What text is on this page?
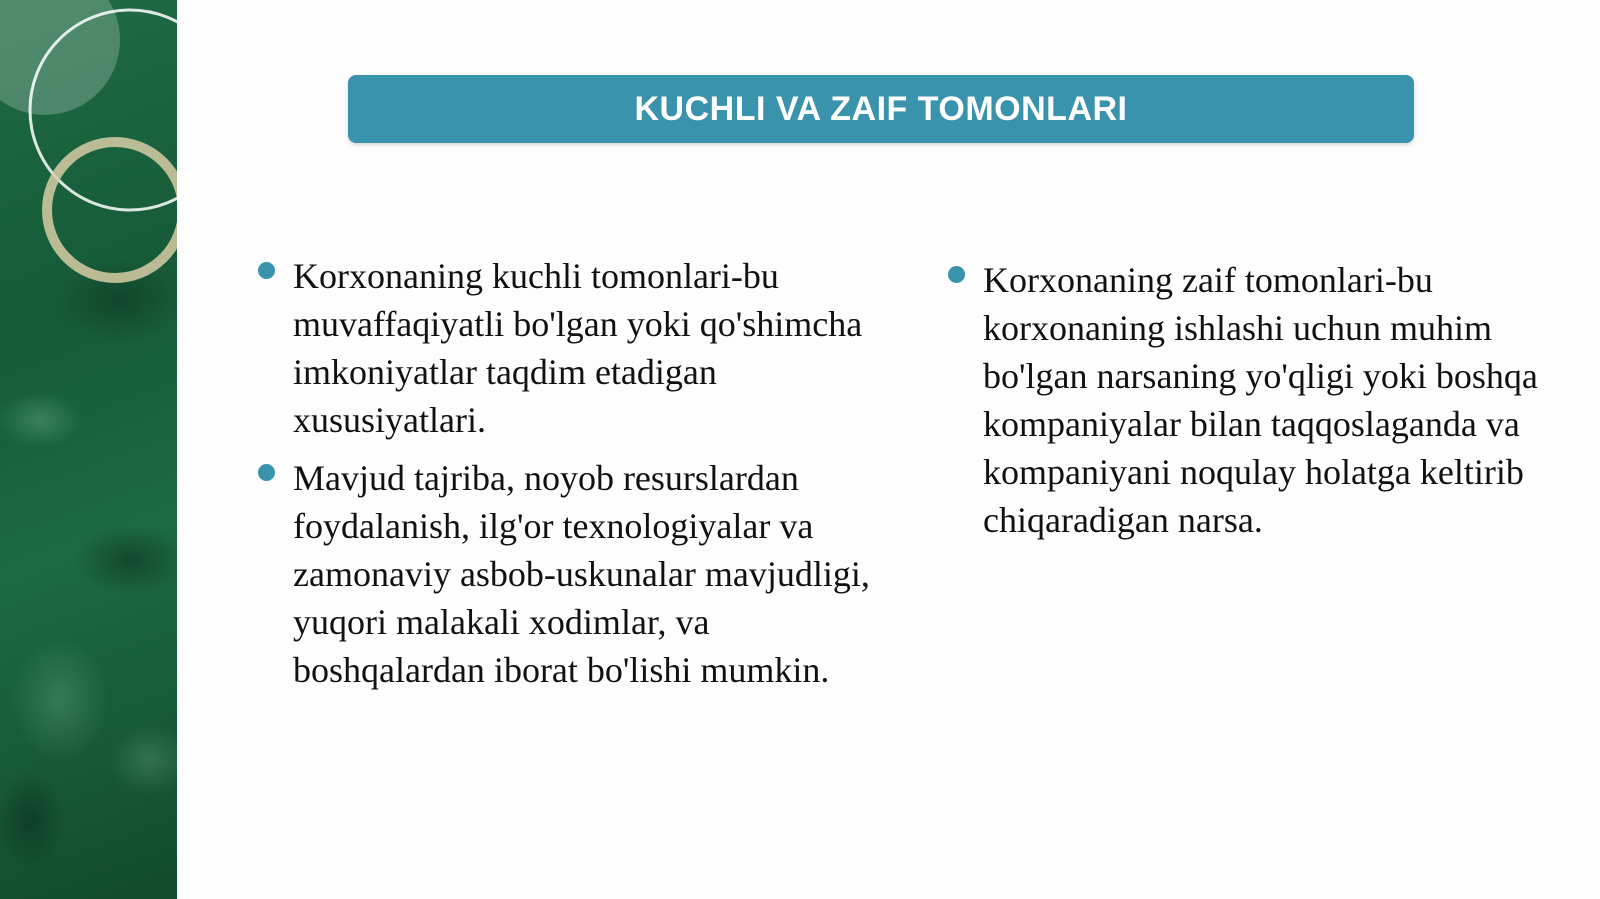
KUCHLI VA ZAIF TOMONLARI
Korxonaning kuchli tomonlari-bu muvaffaqiyatli bo'lgan yoki qo'shimcha imkoniyatlar taqdim etadigan xususiyatlari.
Mavjud tajriba, noyob resurslardan foydalanish, ilg'or texnologiyalar va zamonaviy asbob-uskunalar mavjudligi, yuqori malakali xodimlar, va boshqalardan iborat bo'lishi mumkin.
Korxonaning zaif tomonlari-bu korxonaning ishlashi uchun muhim bo'lgan narsaning yo'qligi yoki boshqa kompaniyalar bilan taqqoslaganda va kompaniyani noqulay holatga keltirib chiqaradigan narsa.
